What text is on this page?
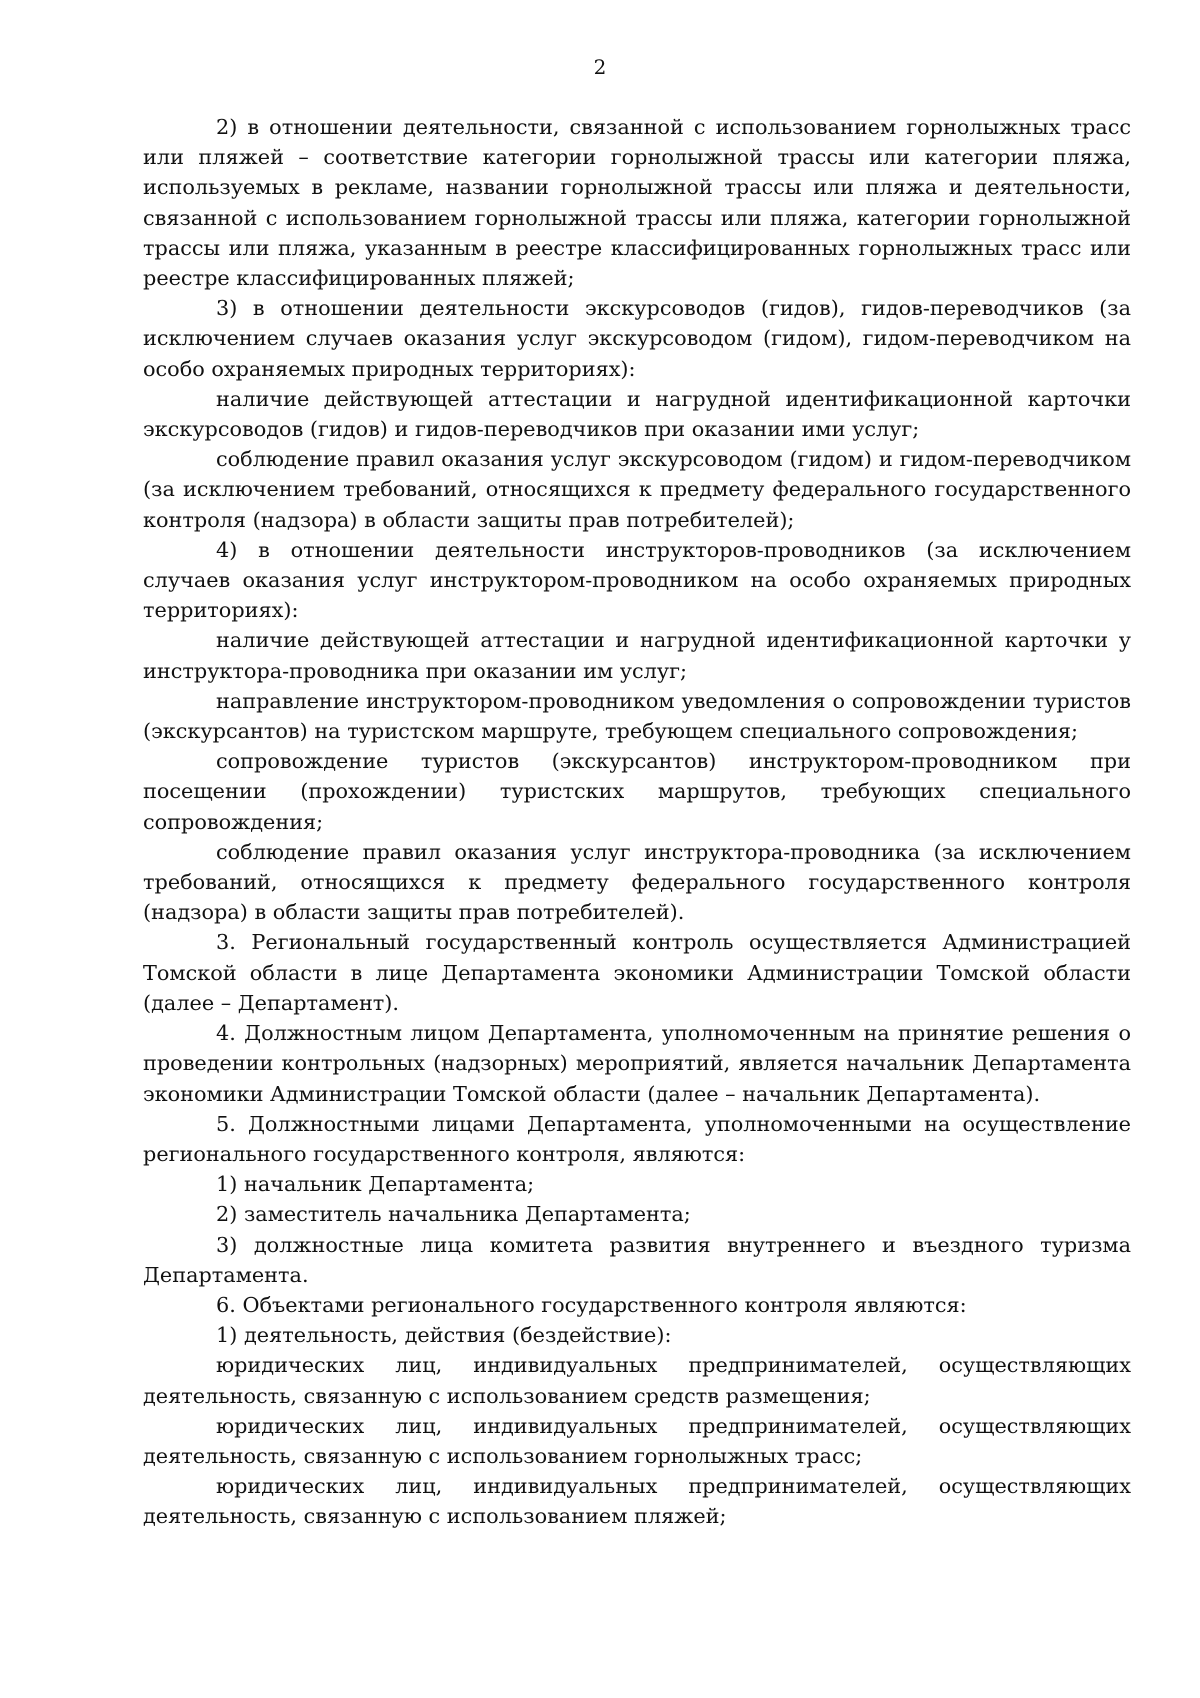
2

2) в отношении деятельности, связанной с использованием горнолыжных трасс или пляжей – соответствие категории горнолыжной трассы или категории пляжа, используемых в рекламе, названии горнолыжной трассы или пляжа и деятельности, связанной с использованием горнолыжной трассы или пляжа, категории горнолыжной трассы или пляжа, указанным в реестре классифицированных горнолыжных трасс или реестре классифицированных пляжей;

3) в отношении деятельности экскурсоводов (гидов), гидов-переводчиков (за исключением случаев оказания услуг экскурсоводом (гидом), гидом-переводчиком на особо охраняемых природных территориях):

наличие действующей аттестации и нагрудной идентификационной карточки экскурсоводов (гидов) и гидов-переводчиков при оказании ими услуг;

соблюдение правил оказания услуг экскурсоводом (гидом) и гидом-переводчиком (за исключением требований, относящихся к предмету федерального государственного контроля (надзора) в области защиты прав потребителей);

4) в отношении деятельности инструкторов-проводников (за исключением случаев оказания услуг инструктором-проводником на особо охраняемых природных территориях):

наличие действующей аттестации и нагрудной идентификационной карточки у инструктора-проводника при оказании им услуг;

направление инструктором-проводником уведомления о сопровождении туристов (экскурсантов) на туристском маршруте, требующем специального сопровождения;

сопровождение туристов (экскурсантов) инструктором-проводником при посещении (прохождении) туристских маршрутов, требующих специального сопровождения;

соблюдение правил оказания услуг инструктора-проводника (за исключением требований, относящихся к предмету федерального государственного контроля (надзора) в области защиты прав потребителей).

3. Региональный государственный контроль осуществляется Администрацией Томской области в лице Департамента экономики Администрации Томской области (далее – Департамент).

4. Должностным лицом Департамента, уполномоченным на принятие решения о проведении контрольных (надзорных) мероприятий, является начальник Департамента экономики Администрации Томской области (далее – начальник Департамента).

5. Должностными лицами Департамента, уполномоченными на осуществление регионального государственного контроля, являются:

1) начальник Департамента;

2) заместитель начальника Департамента;

3) должностные лица комитета развития внутреннего и въездного туризма Департамента.

6. Объектами регионального государственного контроля являются:

1) деятельность, действия (бездействие):

юридических лиц, индивидуальных предпринимателей, осуществляющих деятельность, связанную с использованием средств размещения;

юридических лиц, индивидуальных предпринимателей, осуществляющих деятельность, связанную с использованием горнолыжных трасс;

юридических лиц, индивидуальных предпринимателей, осуществляющих деятельность, связанную с использованием пляжей;
